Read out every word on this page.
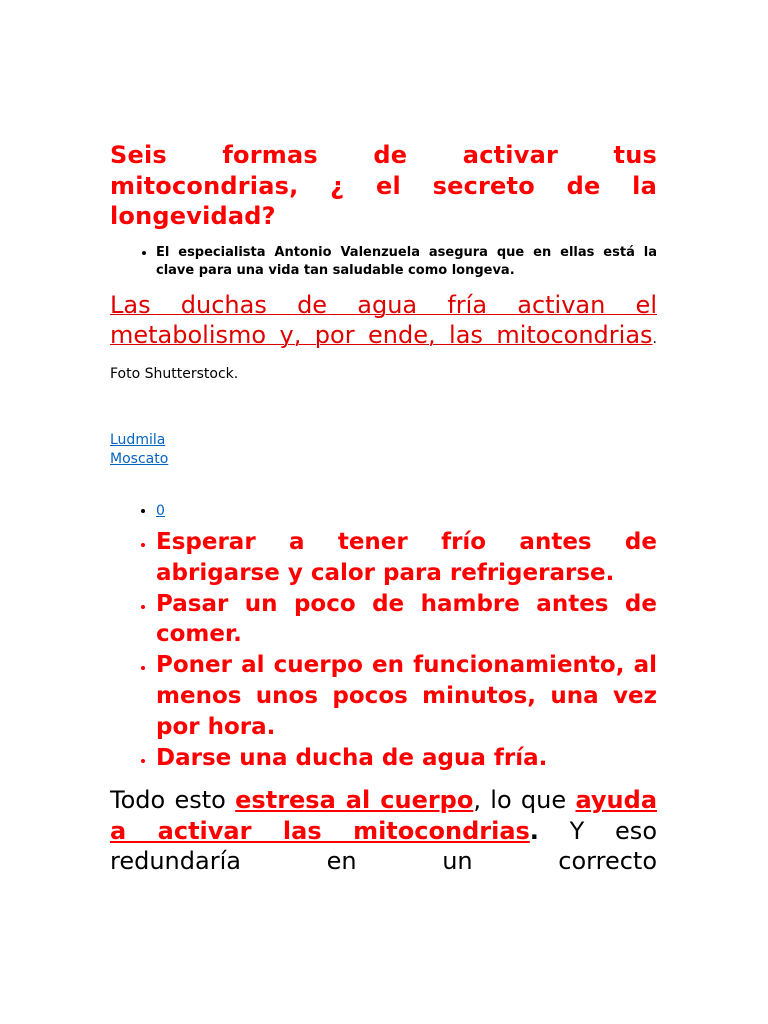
Seis formas de activar tus mitocondrias, ¿ el secreto de la longevidad?
• El especialista Antonio Valenzuela asegura que en ellas está la clave para una vida tan saludable como longeva.
Las duchas de agua fría activan el metabolismo y, por ende, las mitocondrias. Foto Shutterstock.
Ludmila
Moscato
• 0
• Esperar a tener frío antes de abrigarse y calor para refrigerarse.
• Pasar un poco de hambre antes de comer.
• Poner al cuerpo en funcionamiento, al menos unos pocos minutos, una vez por hora.
• Darse una ducha de agua fría.

Todo esto estresa al cuerpo, lo que ayuda a activar las mitocondrias. Y eso redundaría en un correcto
